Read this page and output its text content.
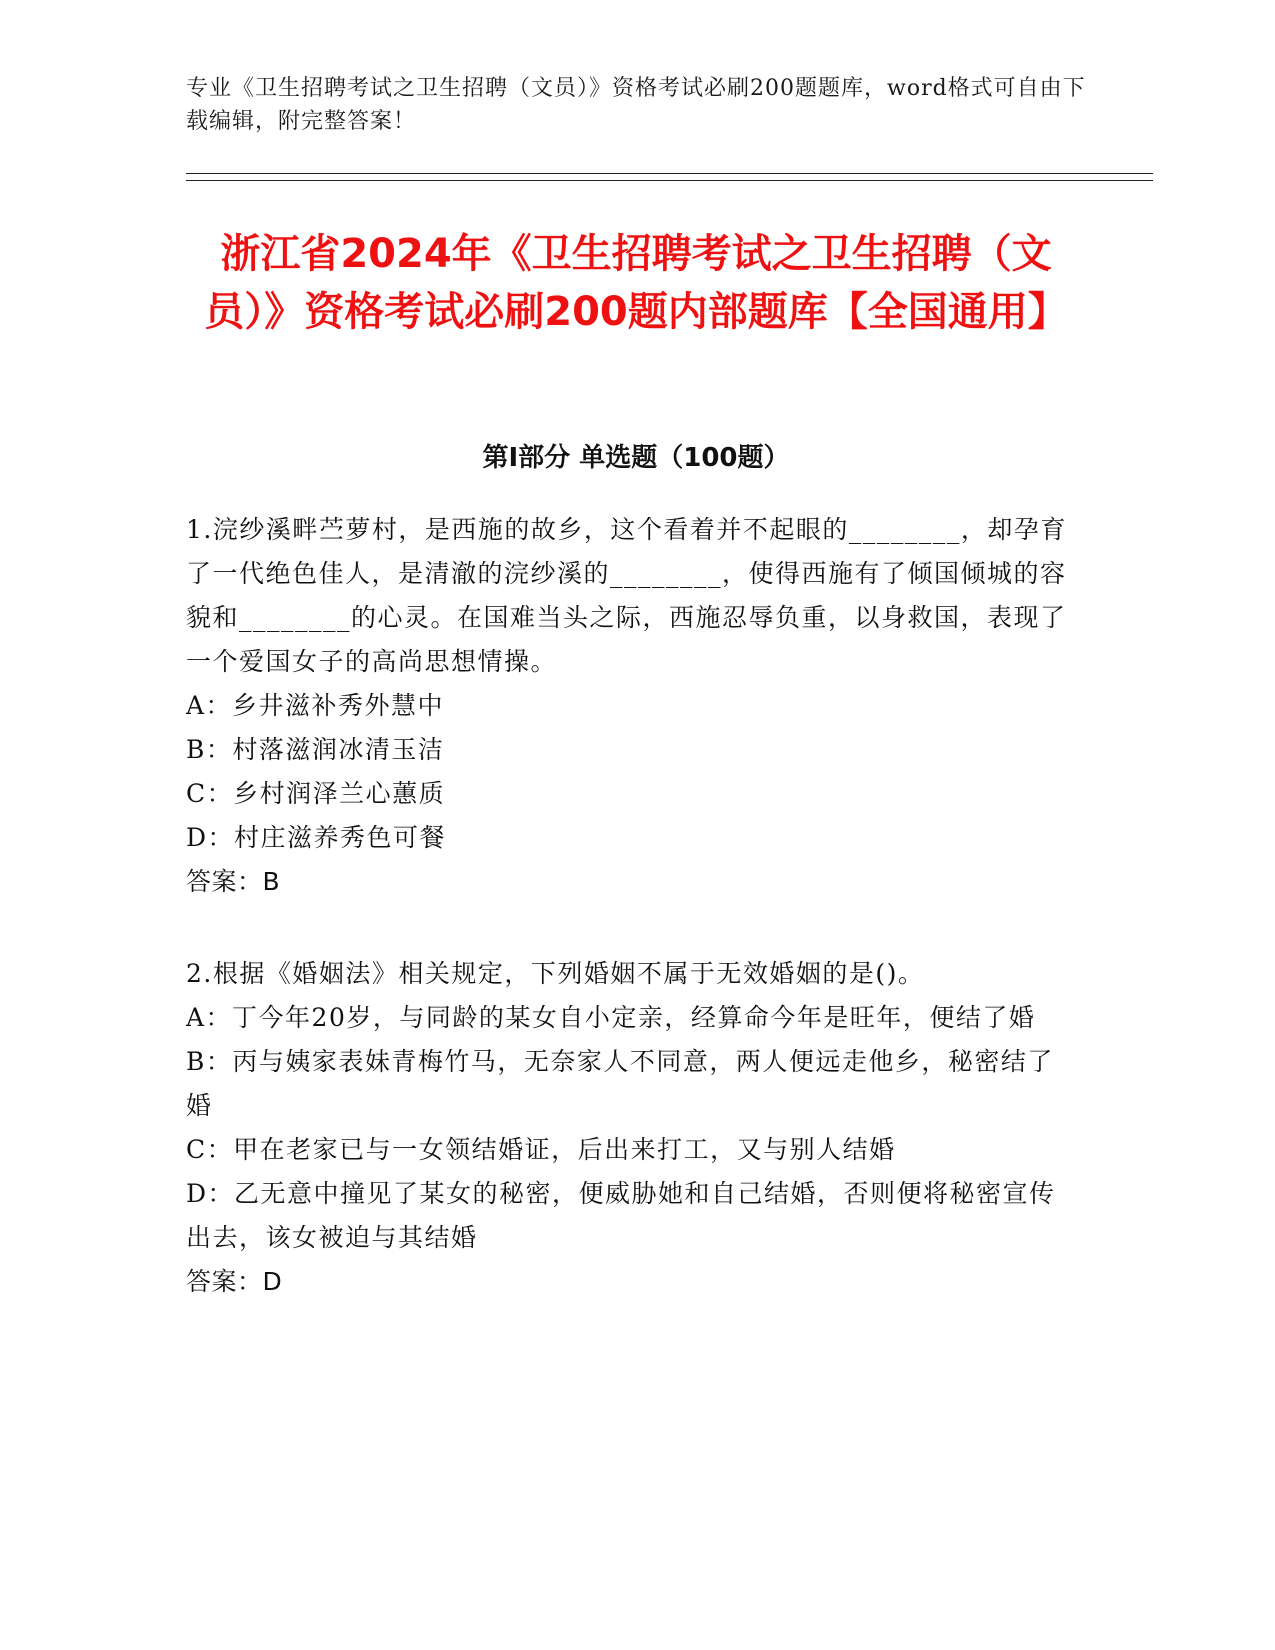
专业《卫生招聘考试之卫生招聘（文员）》资格考试必刷200题题库，word格式可自由下载编辑，附完整答案！
浙江省2024年《卫生招聘考试之卫生招聘（文员）》资格考试必刷200题内部题库【全国通用】
第I部分 单选题（100题）

1.浣纱溪畔苎萝村，是西施的故乡，这个看着并不起眼的________，却孕育了一代绝色佳人，是清澈的浣纱溪的________，使得西施有了倾国倾城的容貌和________的心灵。在国难当头之际，西施忍辱负重，以身救国，表现了一个爱国女子的高尚思想情操。

A：乡井滋补秀外慧中

B：村落滋润冰清玉洁

C：乡村润泽兰心蕙质

D：村庄滋养秀色可餐

答案：B

2.根据《婚姻法》相关规定，下列婚姻不属于无效婚姻的是()。

A：丁今年20岁，与同龄的某女自小定亲，经算命今年是旺年，便结了婚

B：丙与姨家表妹青梅竹马，无奈家人不同意，两人便远走他乡，秘密结了婚

C：甲在老家已与一女领结婚证，后出来打工，又与别人结婚

D：乙无意中撞见了某女的秘密，便威胁她和自己结婚，否则便将秘密宣传出去，该女被迫与其结婚

答案：D
